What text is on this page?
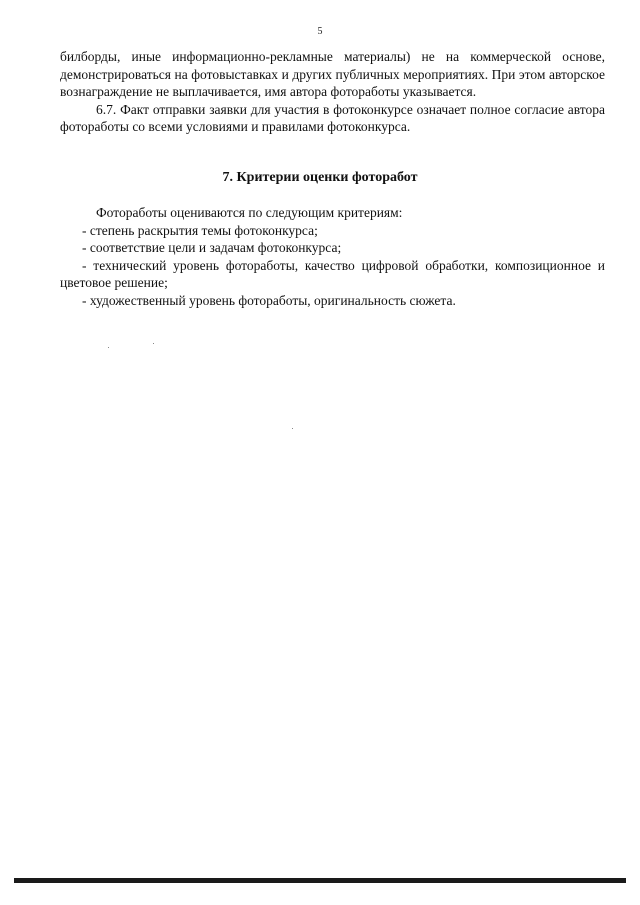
5

билборды, иные информационно-рекламные материалы) не на коммерческой основе, демонстрироваться на фотовыставках и других публичных мероприятиях. При этом авторское вознаграждение не выплачивается, имя автора фотоработы указывается.

6.7. Факт отправки заявки для участия в фотоконкурсе означает полное согласие автора фотоработы со всеми условиями и правилами фотоконкурса.

7. Критерии оценки фоторабот

Фотоработы оцениваются по следующим критериям:

- степень раскрытия темы фотоконкурса;

- соответствие цели и задачам фотоконкурса;

- технический уровень фотоработы, качество цифровой обработки, композиционное и цветовое решение;

- художественный уровень фотоработы, оригинальность сюжета.
